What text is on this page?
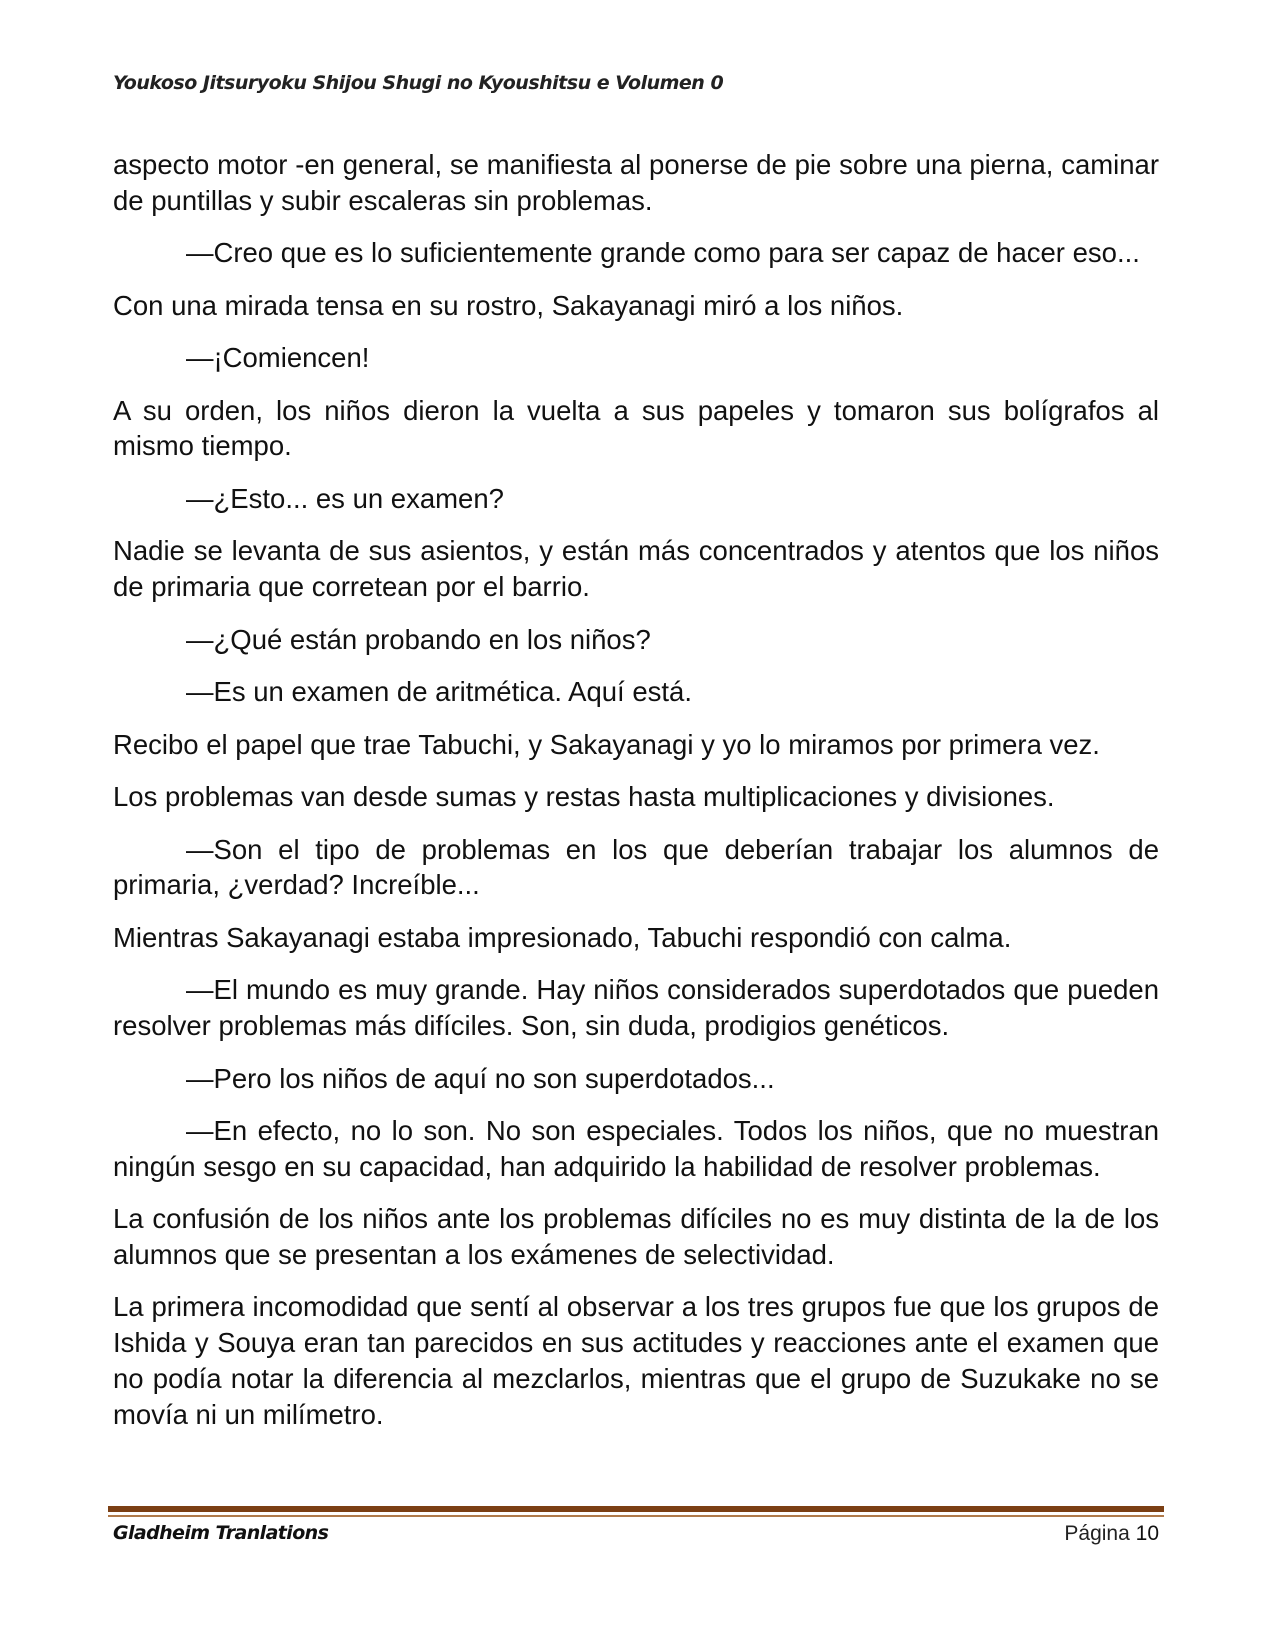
Youkoso Jitsuryoku Shijou Shugi no Kyoushitsu e Volumen 0

aspecto motor -en general, se manifiesta al ponerse de pie sobre una pierna, caminar de puntillas y subir escaleras sin problemas.

—Creo que es lo suficientemente grande como para ser capaz de hacer eso...

Con una mirada tensa en su rostro, Sakayanagi miró a los niños.

—¡Comiencen!

A su orden, los niños dieron la vuelta a sus papeles y tomaron sus bolígrafos al mismo tiempo.

—¿Esto... es un examen?

Nadie se levanta de sus asientos, y están más concentrados y atentos que los niños de primaria que corretean por el barrio.

—¿Qué están probando en los niños?

—Es un examen de aritmética. Aquí está.

Recibo el papel que trae Tabuchi, y Sakayanagi y yo lo miramos por primera vez.

Los problemas van desde sumas y restas hasta multiplicaciones y divisiones.

—Son el tipo de problemas en los que deberían trabajar los alumnos de primaria, ¿verdad? Increíble...

Mientras Sakayanagi estaba impresionado, Tabuchi respondió con calma.

—El mundo es muy grande. Hay niños considerados superdotados que pueden resolver problemas más difíciles. Son, sin duda, prodigios genéticos.

—Pero los niños de aquí no son superdotados...

—En efecto, no lo son. No son especiales. Todos los niños, que no muestran ningún sesgo en su capacidad, han adquirido la habilidad de resolver problemas.

La confusión de los niños ante los problemas difíciles no es muy distinta de la de los alumnos que se presentan a los exámenes de selectividad.

La primera incomodidad que sentí al observar a los tres grupos fue que los grupos de Ishida y Souya eran tan parecidos en sus actitudes y reacciones ante el examen que no podía notar la diferencia al mezclarlos, mientras que el grupo de Suzukake no se movía ni un milímetro.

Gladheim Tranlations	Página 10
